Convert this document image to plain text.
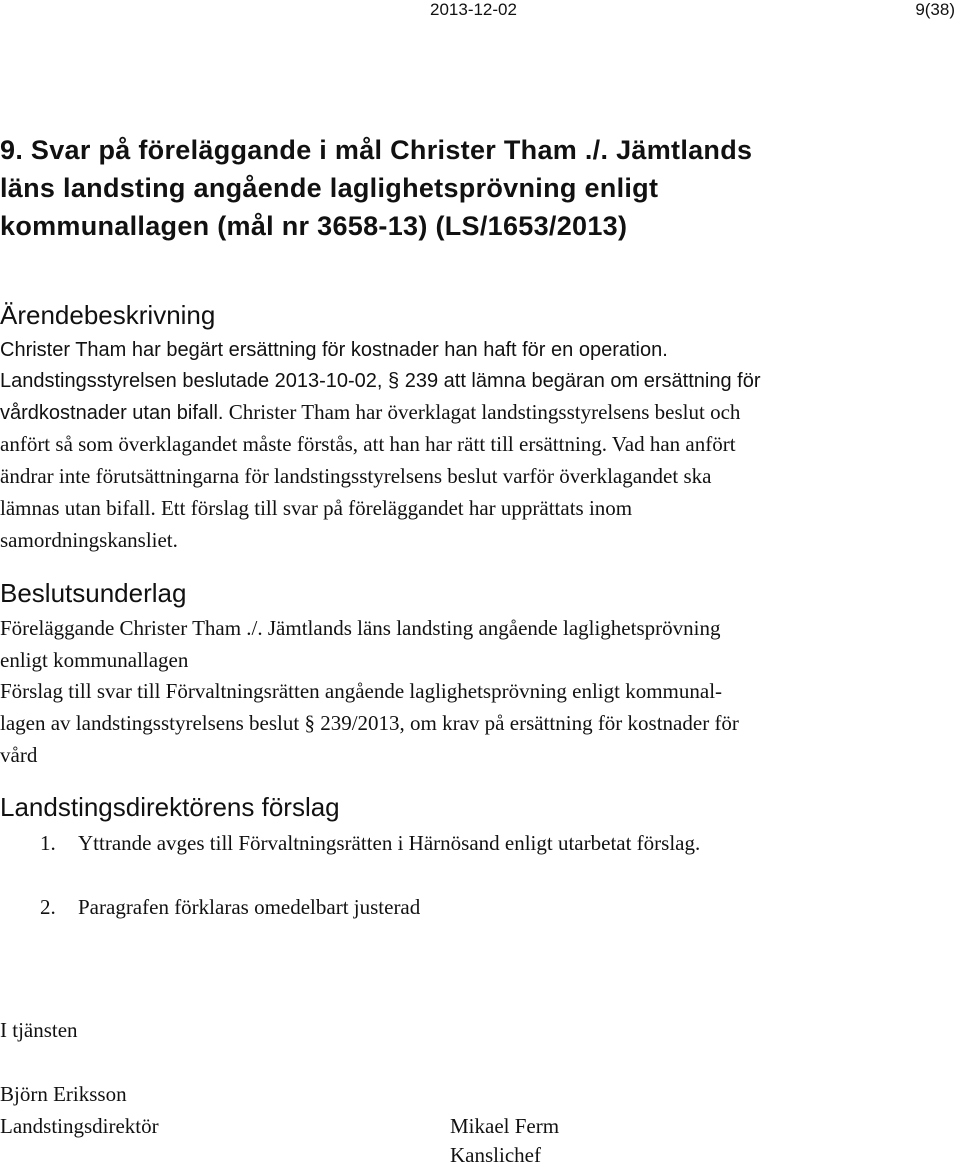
2013-12-02	9(38)
9. Svar på föreläggande i mål Christer Tham ./. Jämtlands
läns landsting angående laglighetsprövning enligt
kommunallagen (mål nr 3658-13) (LS/1653/2013)
Ärendebeskrivning
Christer Tham har begärt ersättning för kostnader han haft för en operation.
Landstingsstyrelsen beslutade 2013-10-02, § 239 att lämna begäran om ersättning för
vårdkostnader utan bifall. Christer Tham har överklagat landstingsstyrelsens beslut och
anfört så som överklagandet måste förstås, att han har rätt till ersättning. Vad han anfört
ändrar inte förutsättningarna för landstingsstyrelsens beslut varför överklagandet ska
lämnas utan bifall. Ett förslag till svar på föreläggandet har upprättats inom
samordningskansliet.
Beslutsunderlag
Föreläggande Christer Tham ./. Jämtlands läns landsting angående laglighetsprövning
enligt kommunallagen
Förslag till svar till Förvaltningsrätten angående laglighetsprövning enligt kommunal-
lagen av landstingsstyrelsens beslut § 239/2013, om krav på ersättning för kostnader för
vård
Landstingsdirektörens förslag
1. Yttrande avges till Förvaltningsrätten i Härnösand enligt utarbetat förslag.
2. Paragrafen förklaras omedelbart justerad
I tjänsten
Björn Eriksson
Landstingsdirektör	Mikael Ferm
Kanslichef
